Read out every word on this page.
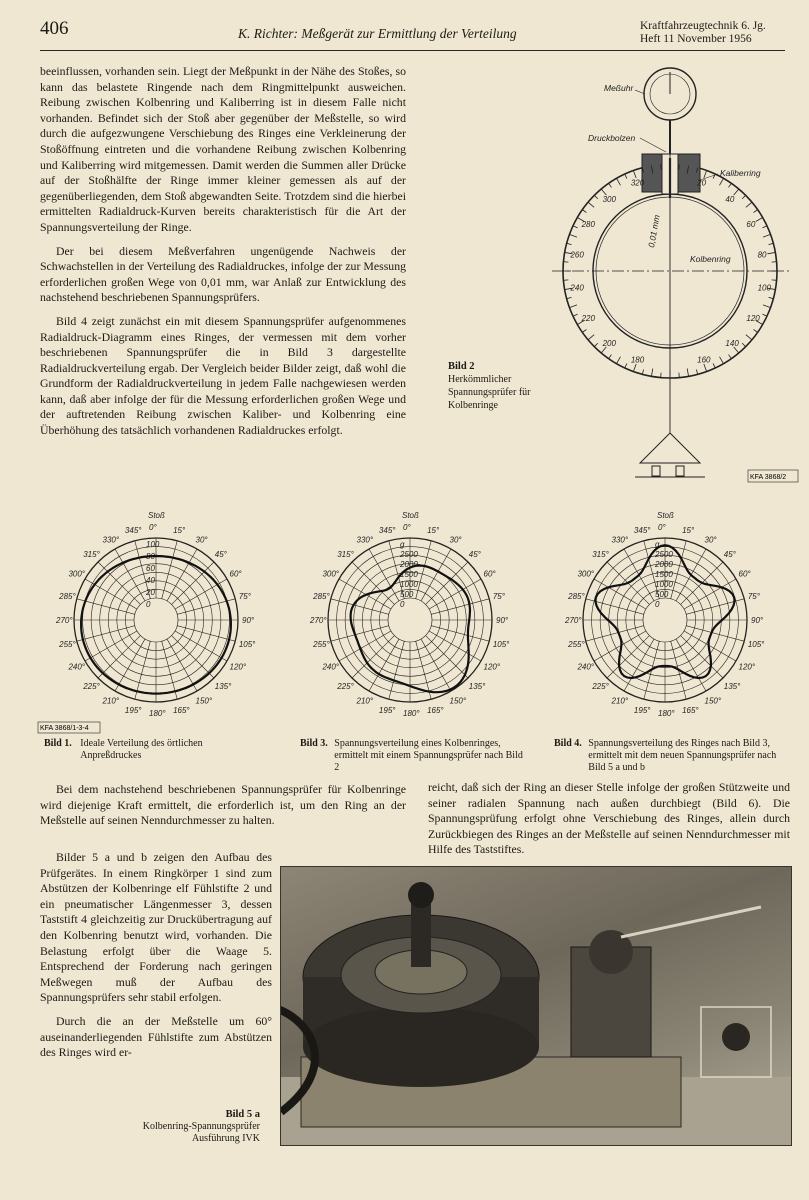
406	K. Richter: Meßgerät zur Ermittlung der Verteilung	Kraftfahrzeugtechnik 6. Jg.
Heft 11 November 1956

beeinflussen, vorhanden sein. Liegt der Meßpunkt in der Nähe des Stoßes, so kann das belastete Ringende nach dem Ringmittelpunkt ausweichen. Reibung zwischen Kolbenring und Kaliberring ist in diesem Falle nicht vorhanden. Befindet sich der Stoß aber gegenüber der Meßstelle, so wird durch die aufgezwungene Verschiebung des Ringes eine Verkleinerung der Stoßöffnung eintreten und die vorhandene Reibung zwischen Kolbenring und Kaliberring wird mitgemessen. Damit werden die Summen aller Drücke auf der Stoßhälfte der Ringe immer kleiner gemessen als auf der gegenüberliegenden, dem Stoß abgewandten Seite. Trotzdem sind die hierbei ermittelten Radialdruck-Kurven bereits charakteristisch für die Art der Spannungsverteilung der Ringe.

Der bei diesem Meßverfahren ungenügende Nachweis der Schwachstellen in der Verteilung des Radialdruckes, infolge der zur Messung erforderlichen großen Wege von 0,01 mm, war Anlaß zur Entwicklung des nachstehend beschriebenen Spannungsprüfers.

Bild 4 zeigt zunächst ein mit diesem Spannungsprüfer aufgenommenes Radialdruck-Diagramm eines Ringes, der vermessen mit dem vorher beschriebenen Spannungsprüfer die in Bild 3 dargestellte Radialdruckverteilung ergab. Der Vergleich beider Bilder zeigt, daß wohl die Grundform der Radialdruckverteilung in jedem Falle nachgewiesen werden kann, daß aber infolge der für die Messung erforderlichen großen Wege und der auftretenden Reibung zwischen Kaliber- und Kolbenring eine Überhöhung des tatsächlich vorhandenen Radialdruckes erfolgt.

Meßuhr
Druckbolzen
Kaliberring
Kolbenring
0,01 mm
20
40
60
80
100
120
140
160
320
300
280
260
240
220
200
180
KFA 3868/2
Bild 2
Herkömmlicher Spannungsprüfer für Kolbenringe
0° 15°
30°
45°
60°
75°
90°
105°
120°
135°
150°
165°
180°
195°
210°
225°
240°
255°
270°
285°
300°
315°
330°
345°
Stoß
100
80
60
40
20
0
KFA 3868/1-3-4
0° 15°
30°
45°
60°
75°
90°
105°
120°
135°
150°
165°
180°
195°
210°
225°
240°
255°
270°
285°
300°
315°
330°
345°
Stoß
g
2500
2000
1500
1000
500
0
0° 15°
30°
45°
60°
75°
90°
105°
120°
135°
150°
165°
180°
195°
210°
225°
240°
255°
270°
285°
300°
315°
330°
345°
Stoß
g
2500
2000
1500
1000
500
0
Bild 1. Ideale Verteilung des örtlichen Anpreßdruckes
Bild 3. Spannungsverteilung eines Kolbenringes, ermittelt mit einem Spannungsprüfer nach Bild 2
Bild 4. Spannungsverteilung des Ringes nach Bild 3, ermittelt mit dem neuen Spannungsprüfer nach Bild 5 a und b

Bei dem nachstehend beschriebenen Spannungsprüfer für Kolbenringe wird diejenige Kraft ermittelt, die erforderlich ist, um den Ring an der Meßstelle auf seinen Nenndurchmesser zu halten.

Bilder 5 a und b zeigen den Aufbau des Prüfgerätes. In einem Ringkörper 1 sind zum Abstützen der Kolbenringe elf Fühlstifte 2 und ein pneumatischer Längenmesser 3, dessen Taststift 4 gleichzeitig zur Druckübertragung auf den Kolbenring benutzt wird, vorhanden. Die Belastung erfolgt über die Waage 5. Entsprechend der Forderung nach geringen Meßwegen muß der Aufbau des Spannungsprüfers sehr stabil erfolgen.

Durch die an der Meßstelle um 60° auseinanderliegenden Fühlstifte zum Abstützen des Ringes wird er-

reicht, daß sich der Ring an dieser Stelle infolge der großen Stützweite und seiner radialen Spannung nach außen durchbiegt (Bild 6). Die Spannungsprüfung erfolgt ohne Verschiebung des Ringes, allein durch Zurückbiegen des Ringes an der Meßstelle auf seinen Nenndurchmesser mit Hilfe des Taststiftes.

Bild 5 a
Kolbenring-Spannungsprüfer Ausführung IVK
